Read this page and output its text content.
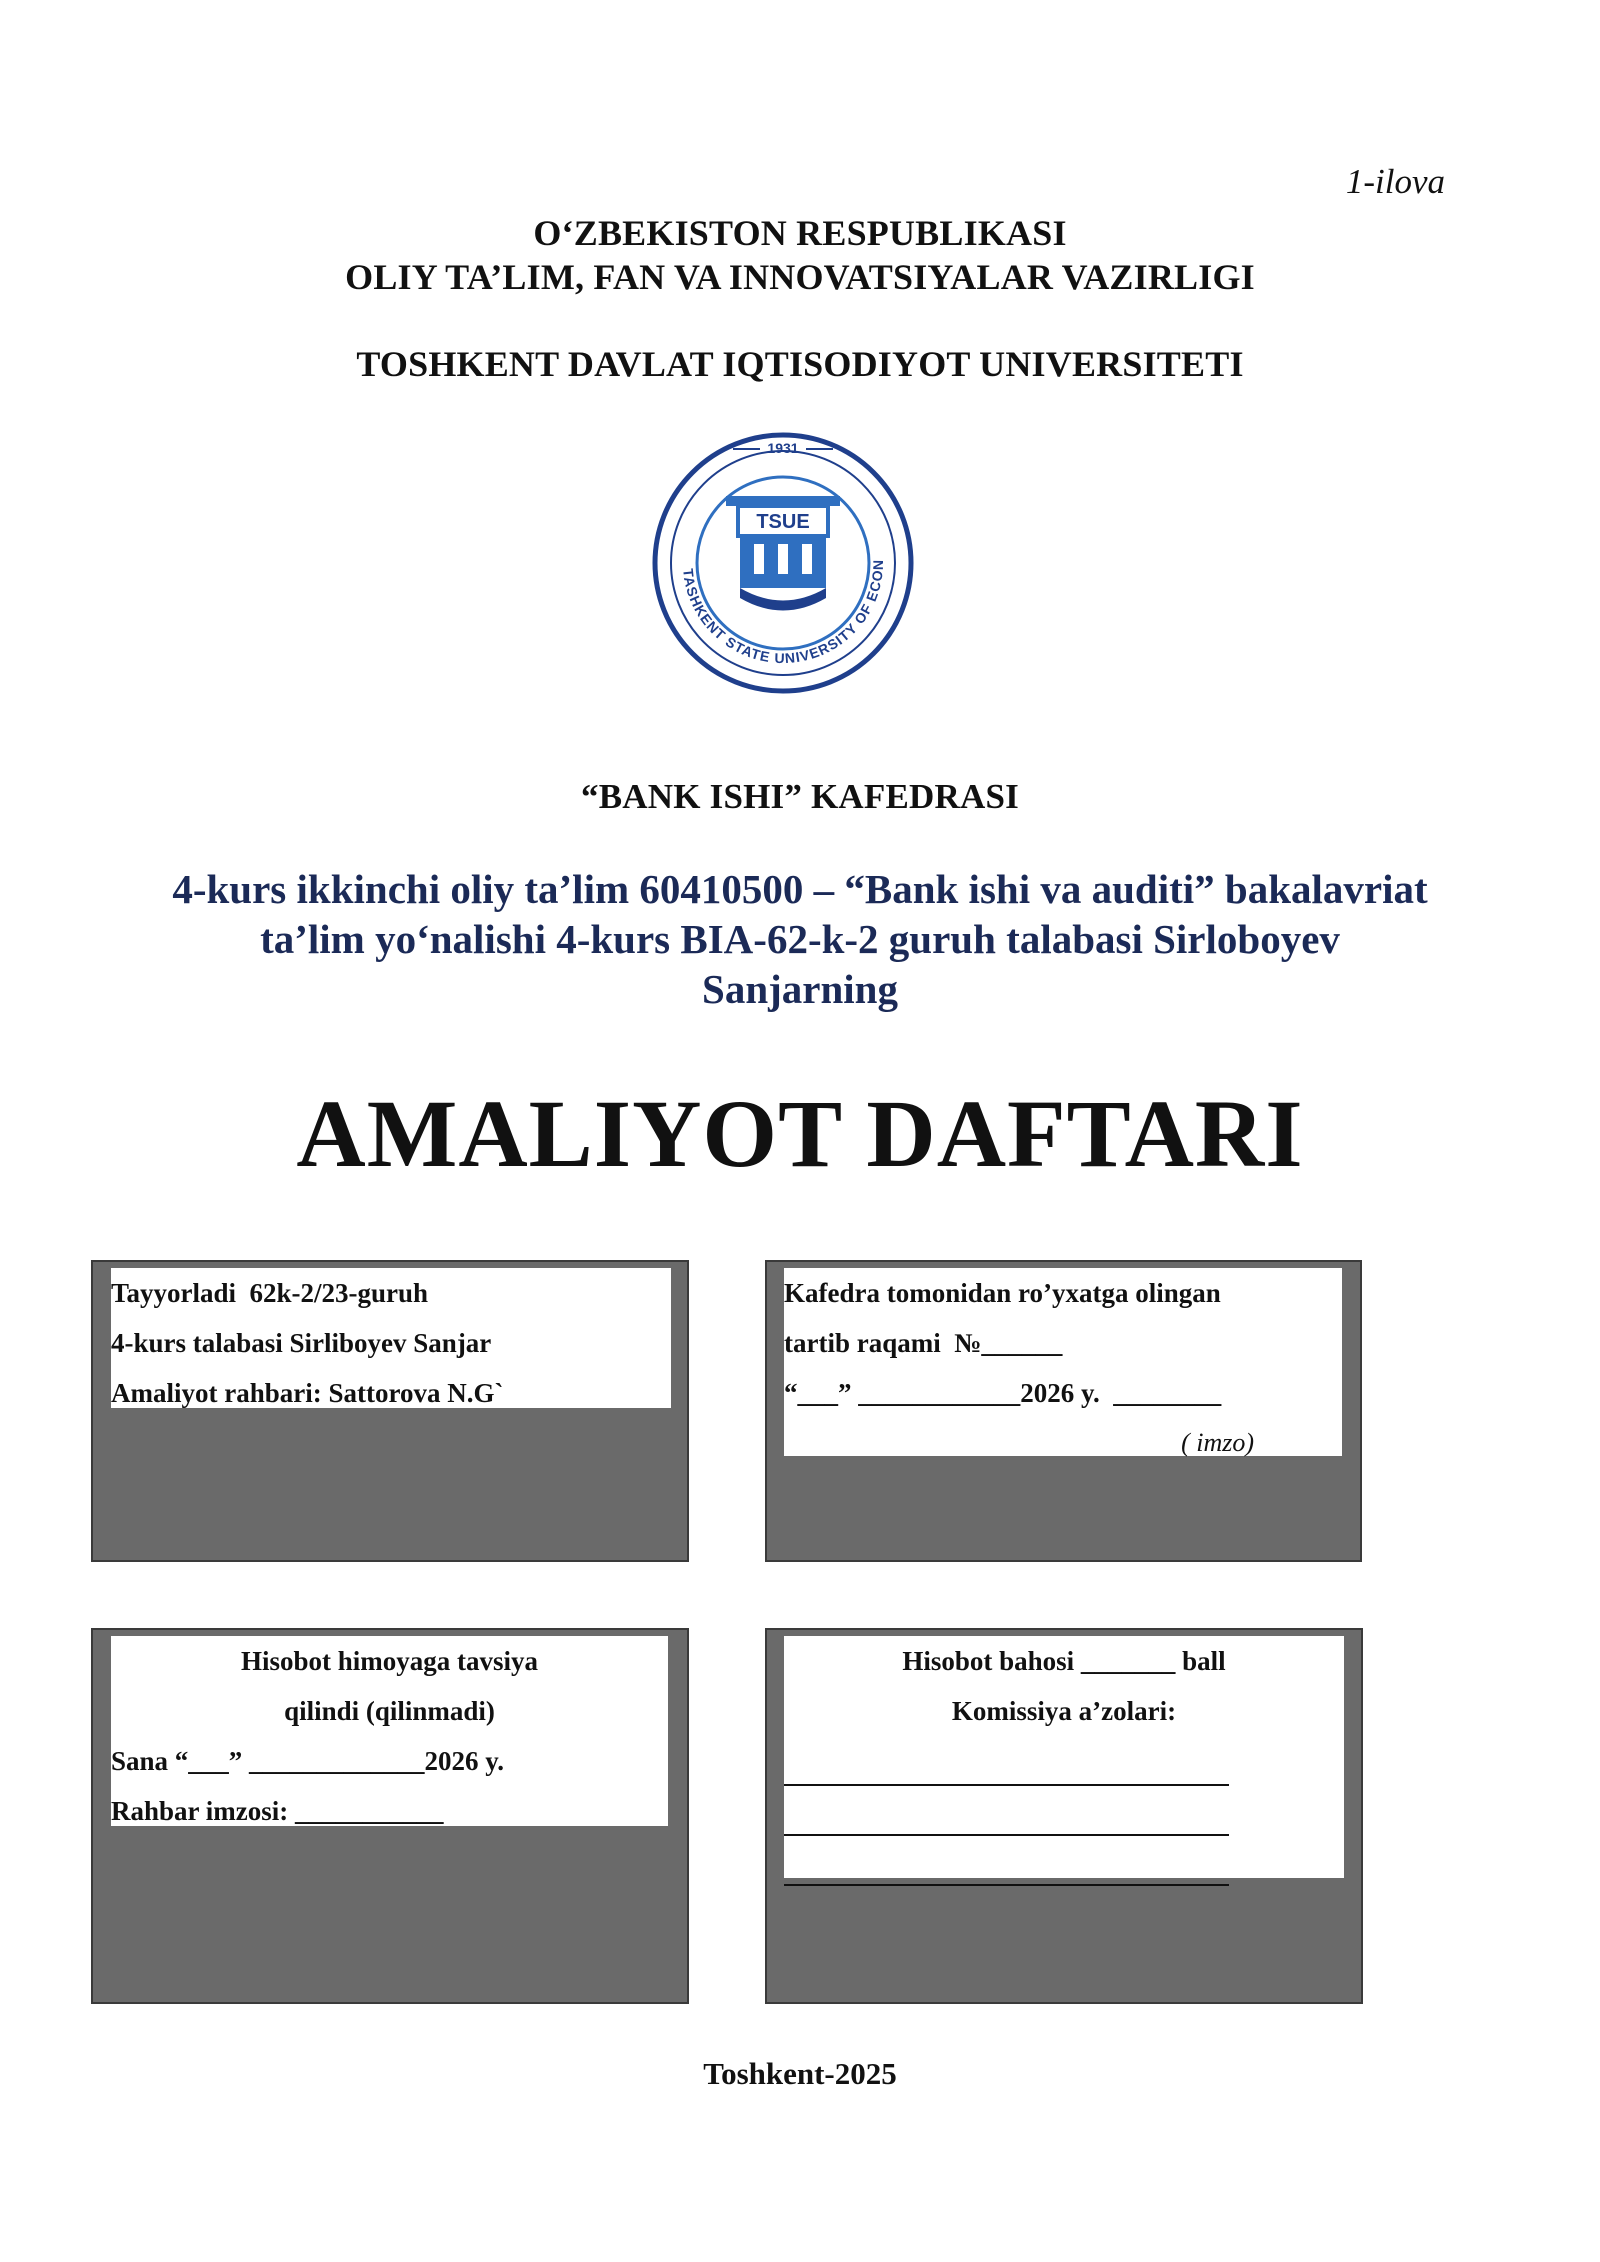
1-ilova
O‘ZBEKISTON RESPUBLIKASI
OLIY TA’LIM, FAN VA INNOVATSIYALAR VAZIRLIGI
TOSHKENT DAVLAT IQTISODIYOT UNIVERSITETI
1931
TASHKENT STATE UNIVERSITY OF ECON
TSUE
“BANK ISHI” KAFEDRASI
4-kurs ikkinchi oliy ta’lim 60410500 – “Bank ishi va auditi” bakalavriat
ta’lim yo‘nalishi 4-kurs BIA-62-k-2 guruh talabasi Sirloboyev
Sanjarning
AMALIYOT DAFTARI
Tayyorladi  62k-2/23-guruh
4-kurs talabasi Sirliboyev Sanjar
Amaliyot rahbari: Sattorova N.G`
Kafedra tomonidan ro’yxatga olingan
tartib raqami  №______
“___” ____________2026 y.  ________
( imzo)
Hisobot himoyaga tavsiya
qilindi (qilinmadi)
Sana “___” _____________2026 y.
Rahbar imzosi: ___________
Hisobot bahosi _______ ball
Komissiya a’zolari:
Toshkent-2025
